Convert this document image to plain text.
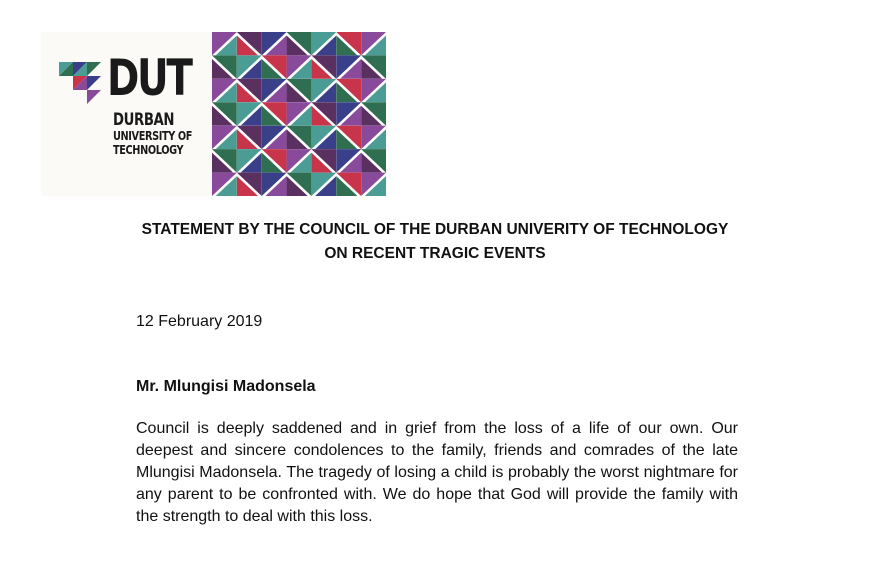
DUT
DURBAN
UNIVERSITY OF
TECHNOLOGY
STATEMENT BY THE COUNCIL OF THE DURBAN UNIVERITY OF TECHNOLOGY
ON RECENT TRAGIC EVENTS
12 February 2019
Mr. Mlungisi Madonsela

Council is deeply saddened and in grief from the loss of a life of our own. Our deepest and sincere condolences to the family, friends and comrades of the late Mlungisi Madonsela. The tragedy of losing a child is probably the worst nightmare for any parent to be confronted with. We do hope that God will provide the family with the strength to deal with this loss.
